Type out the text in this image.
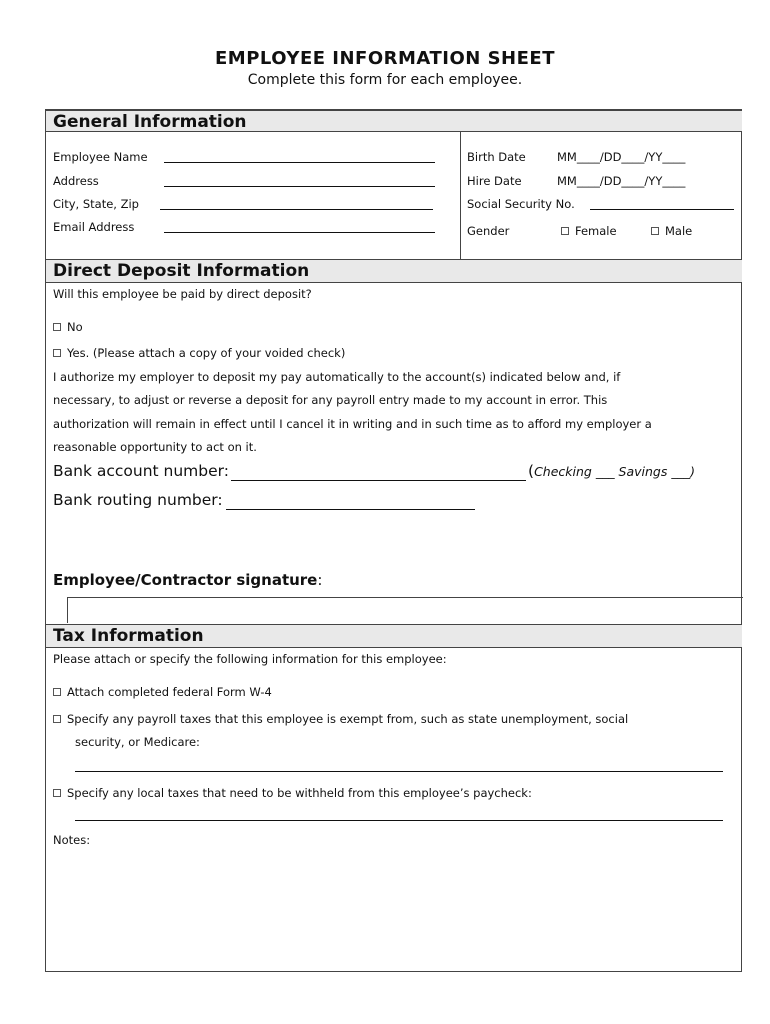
EMPLOYEE INFORMATION SHEET
Complete this form for each employee.
General Information
Employee Name
Address
City, State, Zip
Email Address
Birth Date	MM____/DD____/YY____
Hire Date	MM____/DD____/YY____
Social Security No.
Gender	Female	Male
Direct Deposit Information
Will this employee be paid by direct deposit?
No
Yes. (Please attach a copy of your voided check)
I authorize my employer to deposit my pay automatically to the account(s) indicated below and, if
necessary, to adjust or reverse a deposit for any payroll entry made to my account in error. This
authorization will remain in effect until I cancel it in writing and in such time as to afford my employer a
reasonable opportunity to act on it.
Bank account number:	(Checking ___ Savings ___)
Bank routing number:
Employee/Contractor signature:
Tax Information
Please attach or specify the following information for this employee:
Attach completed federal Form W-4
Specify any payroll taxes that this employee is exempt from, such as state unemployment, social
security, or Medicare:
Specify any local taxes that need to be withheld from this employee’s paycheck:
Notes:
